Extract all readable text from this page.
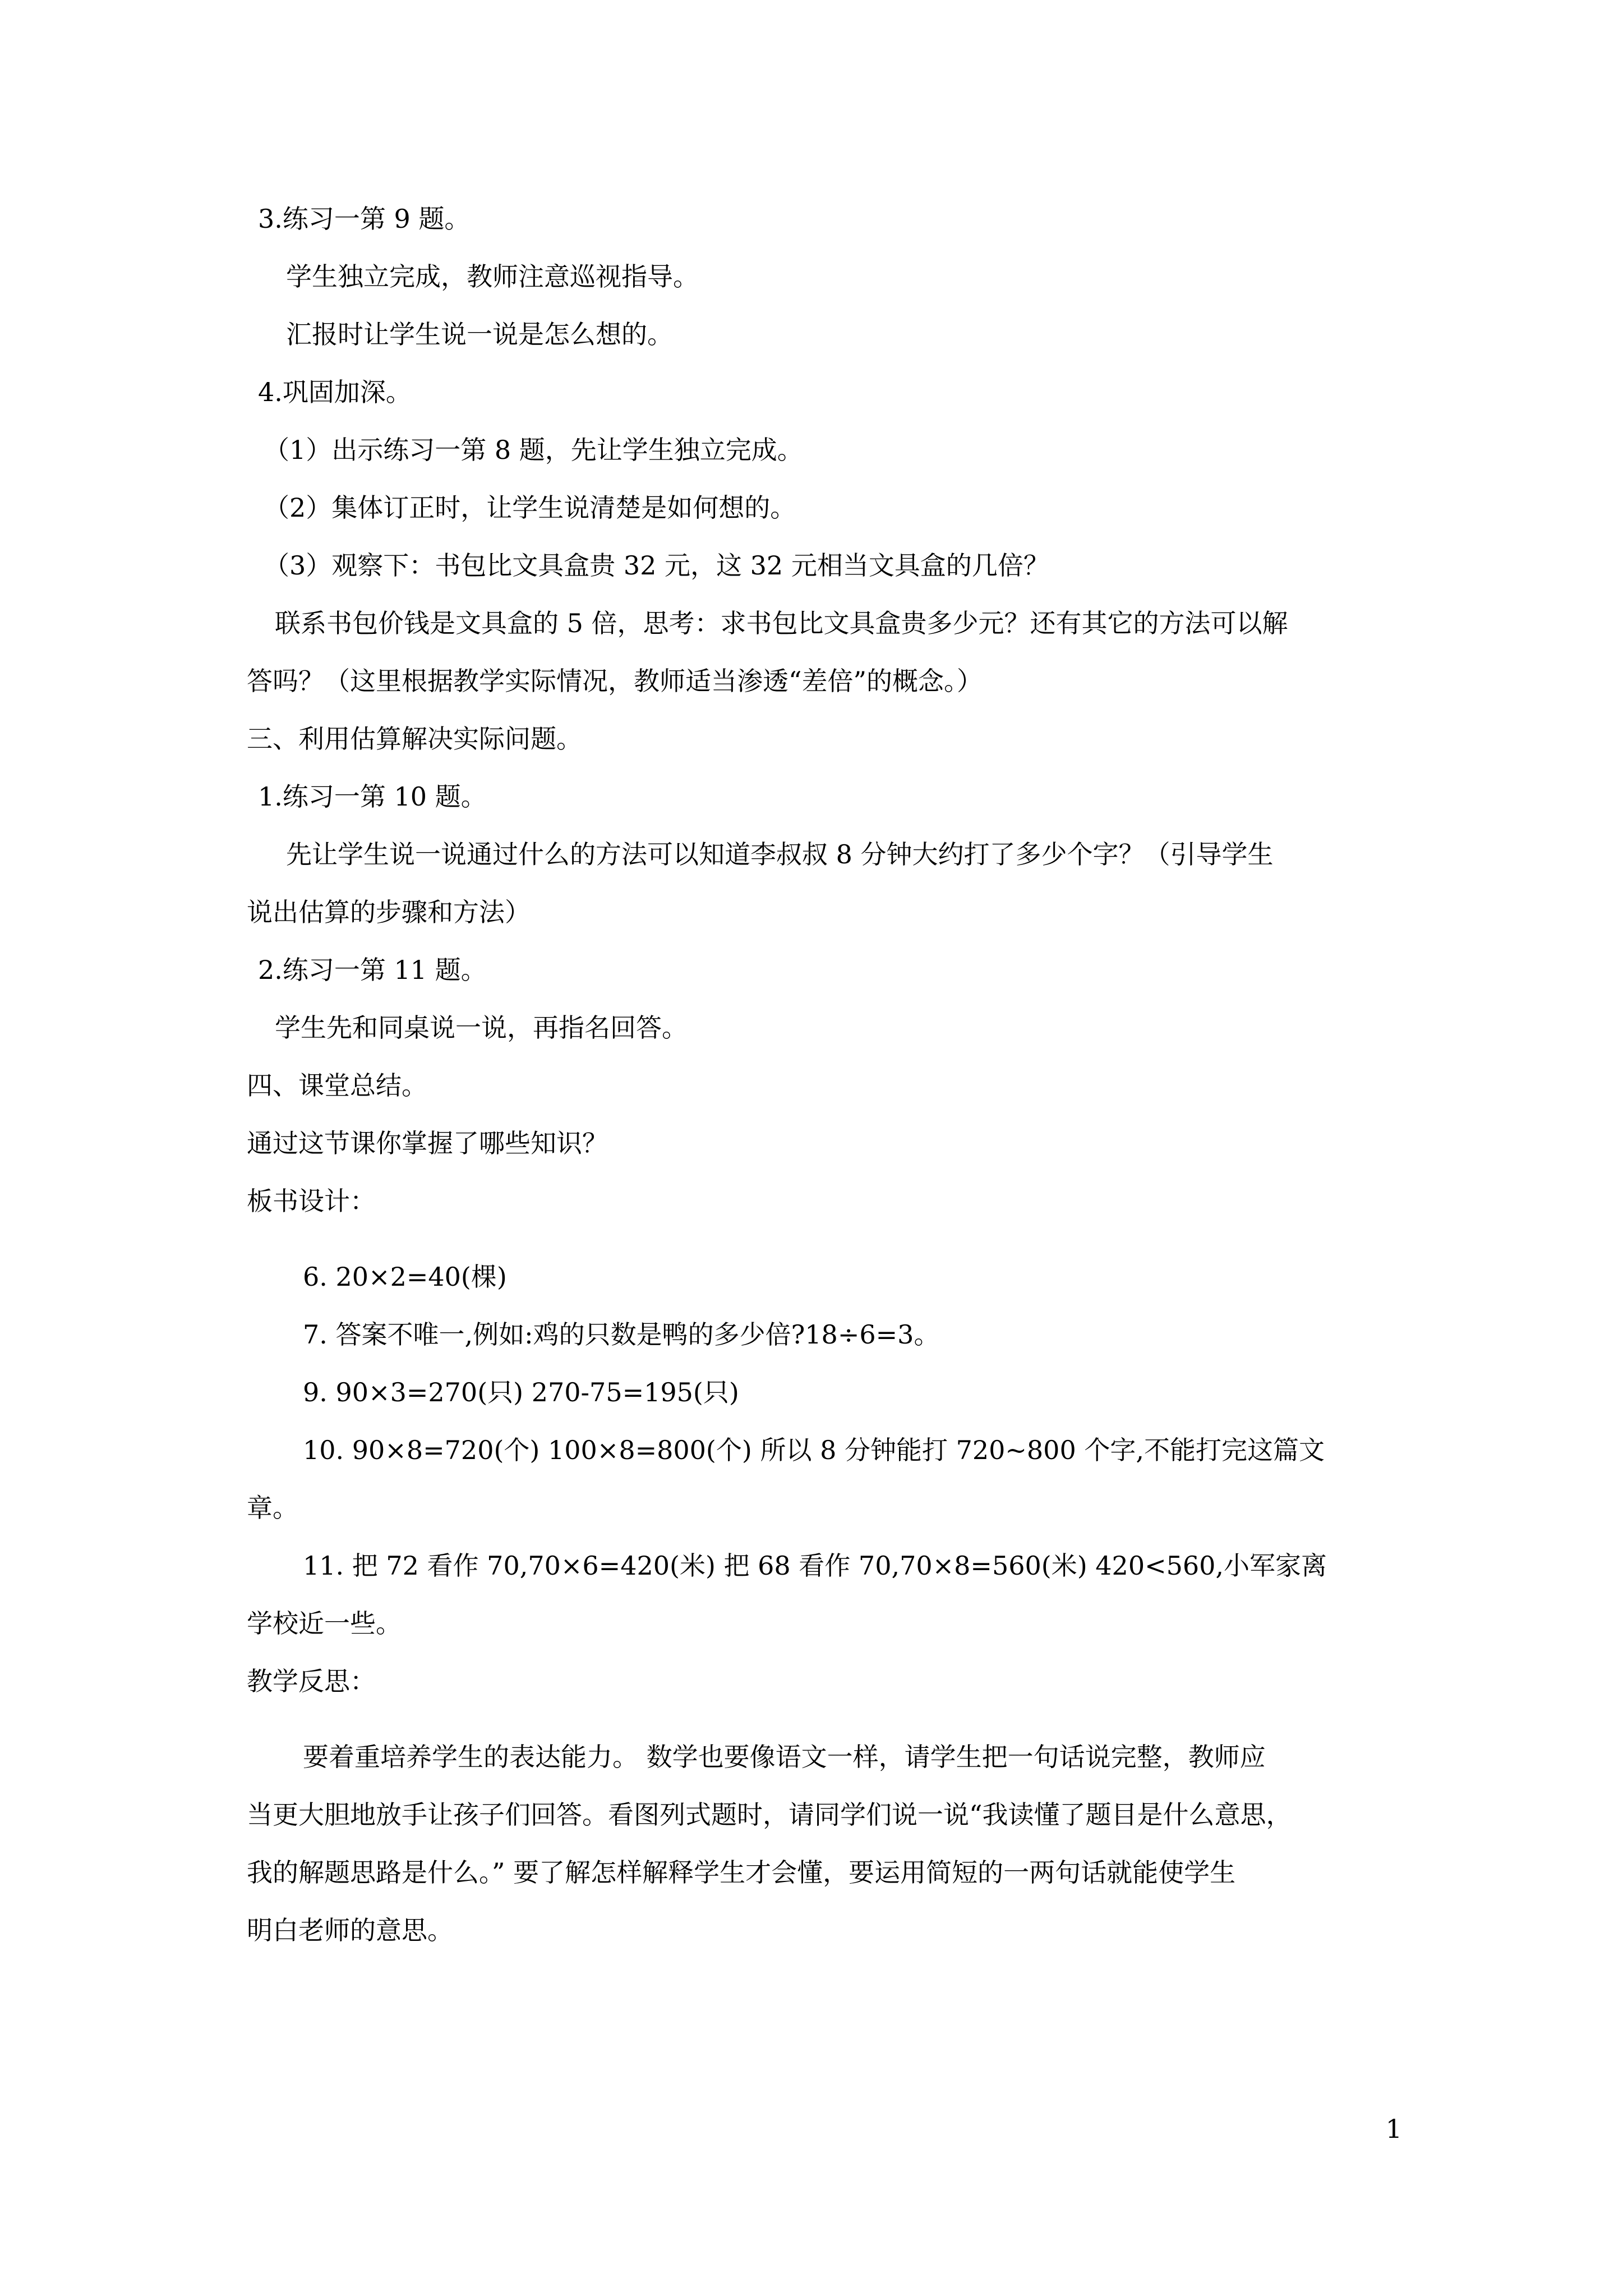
3.练习一第 9 题。
学生独立完成，教师注意巡视指导。
汇报时让学生说一说是怎么想的。
4.巩固加深。
（1）出示练习一第 8 题，先让学生独立完成。
（2）集体订正时，让学生说清楚是如何想的。
（3）观察下：书包比文具盒贵 32 元，这 32 元相当文具盒的几倍？
联系书包价钱是文具盒的 5 倍，思考：求书包比文具盒贵多少元？还有其它的方法可以解
答吗？（这里根据教学实际情况，教师适当渗透“差倍”的概念。）
三、利用估算解决实际问题。
1.练习一第 10 题。
先让学生说一说通过什么的方法可以知道李叔叔 8 分钟大约打了多少个字？（引导学生
说出估算的步骤和方法）
2.练习一第 11 题。
学生先和同桌说一说，再指名回答。
四、课堂总结。
通过这节课你掌握了哪些知识？
板书设计：
6. 20×2=40(棵)
7. 答案不唯一,例如:鸡的只数是鸭的多少倍?18÷6=3。
9. 90×3=270(只) 270-75=195(只)
10. 90×8=720(个) 100×8=800(个) 所以 8 分钟能打 720~800 个字,不能打完这篇文
章。
11. 把 72 看作 70,70×6=420(米) 把 68 看作 70,70×8=560(米) 420<560,小军家离
学校近一些。
教学反思：
要着重培养学生的表达能力。 数学也要像语文一样，请学生把一句话说完整，教师应
当更大胆地放手让孩子们回答。看图列式题时，请同学们说一说“我读懂了题目是什么意思，
我的解题思路是什么。” 要了解怎样解释学生才会懂，要运用简短的一两句话就能使学生
明白老师的意思。
1
